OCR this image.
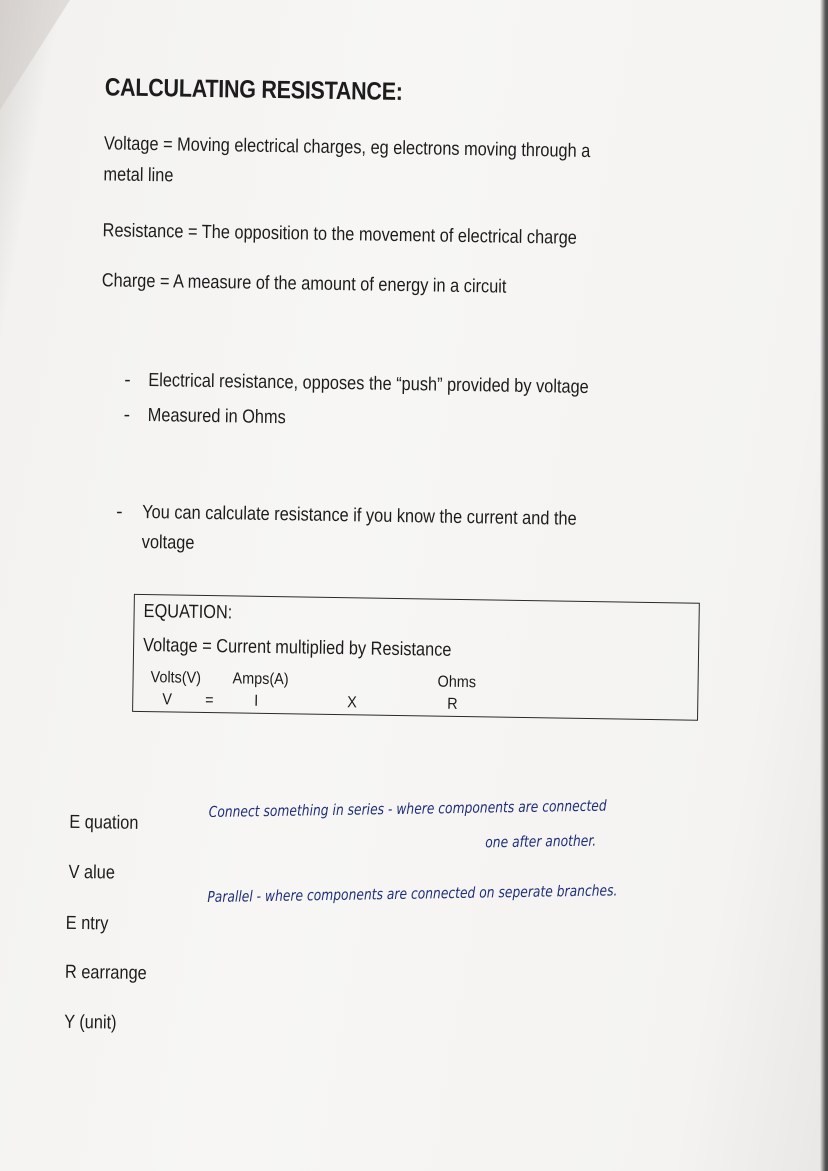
CALCULATING RESISTANCE:
Voltage = Moving electrical charges, eg electrons moving through a
metal line
Resistance = The opposition to the movement of electrical charge
Charge = A measure of the amount of energy in a circuit
- Electrical resistance, opposes the “push” provided by voltage
- Measured in Ohms
- You can calculate resistance if you know the current and the
voltage
EQUATION:
Voltage = Current multiplied by Resistance
Volts(V) Amps(A)	Ohms
V =	I	X	R
E quation
V alue
E ntry
R earrange
Y (unit)
Connect something in series - where components are connected
one after another.
Parallel - where components are connected on seperate branches.
